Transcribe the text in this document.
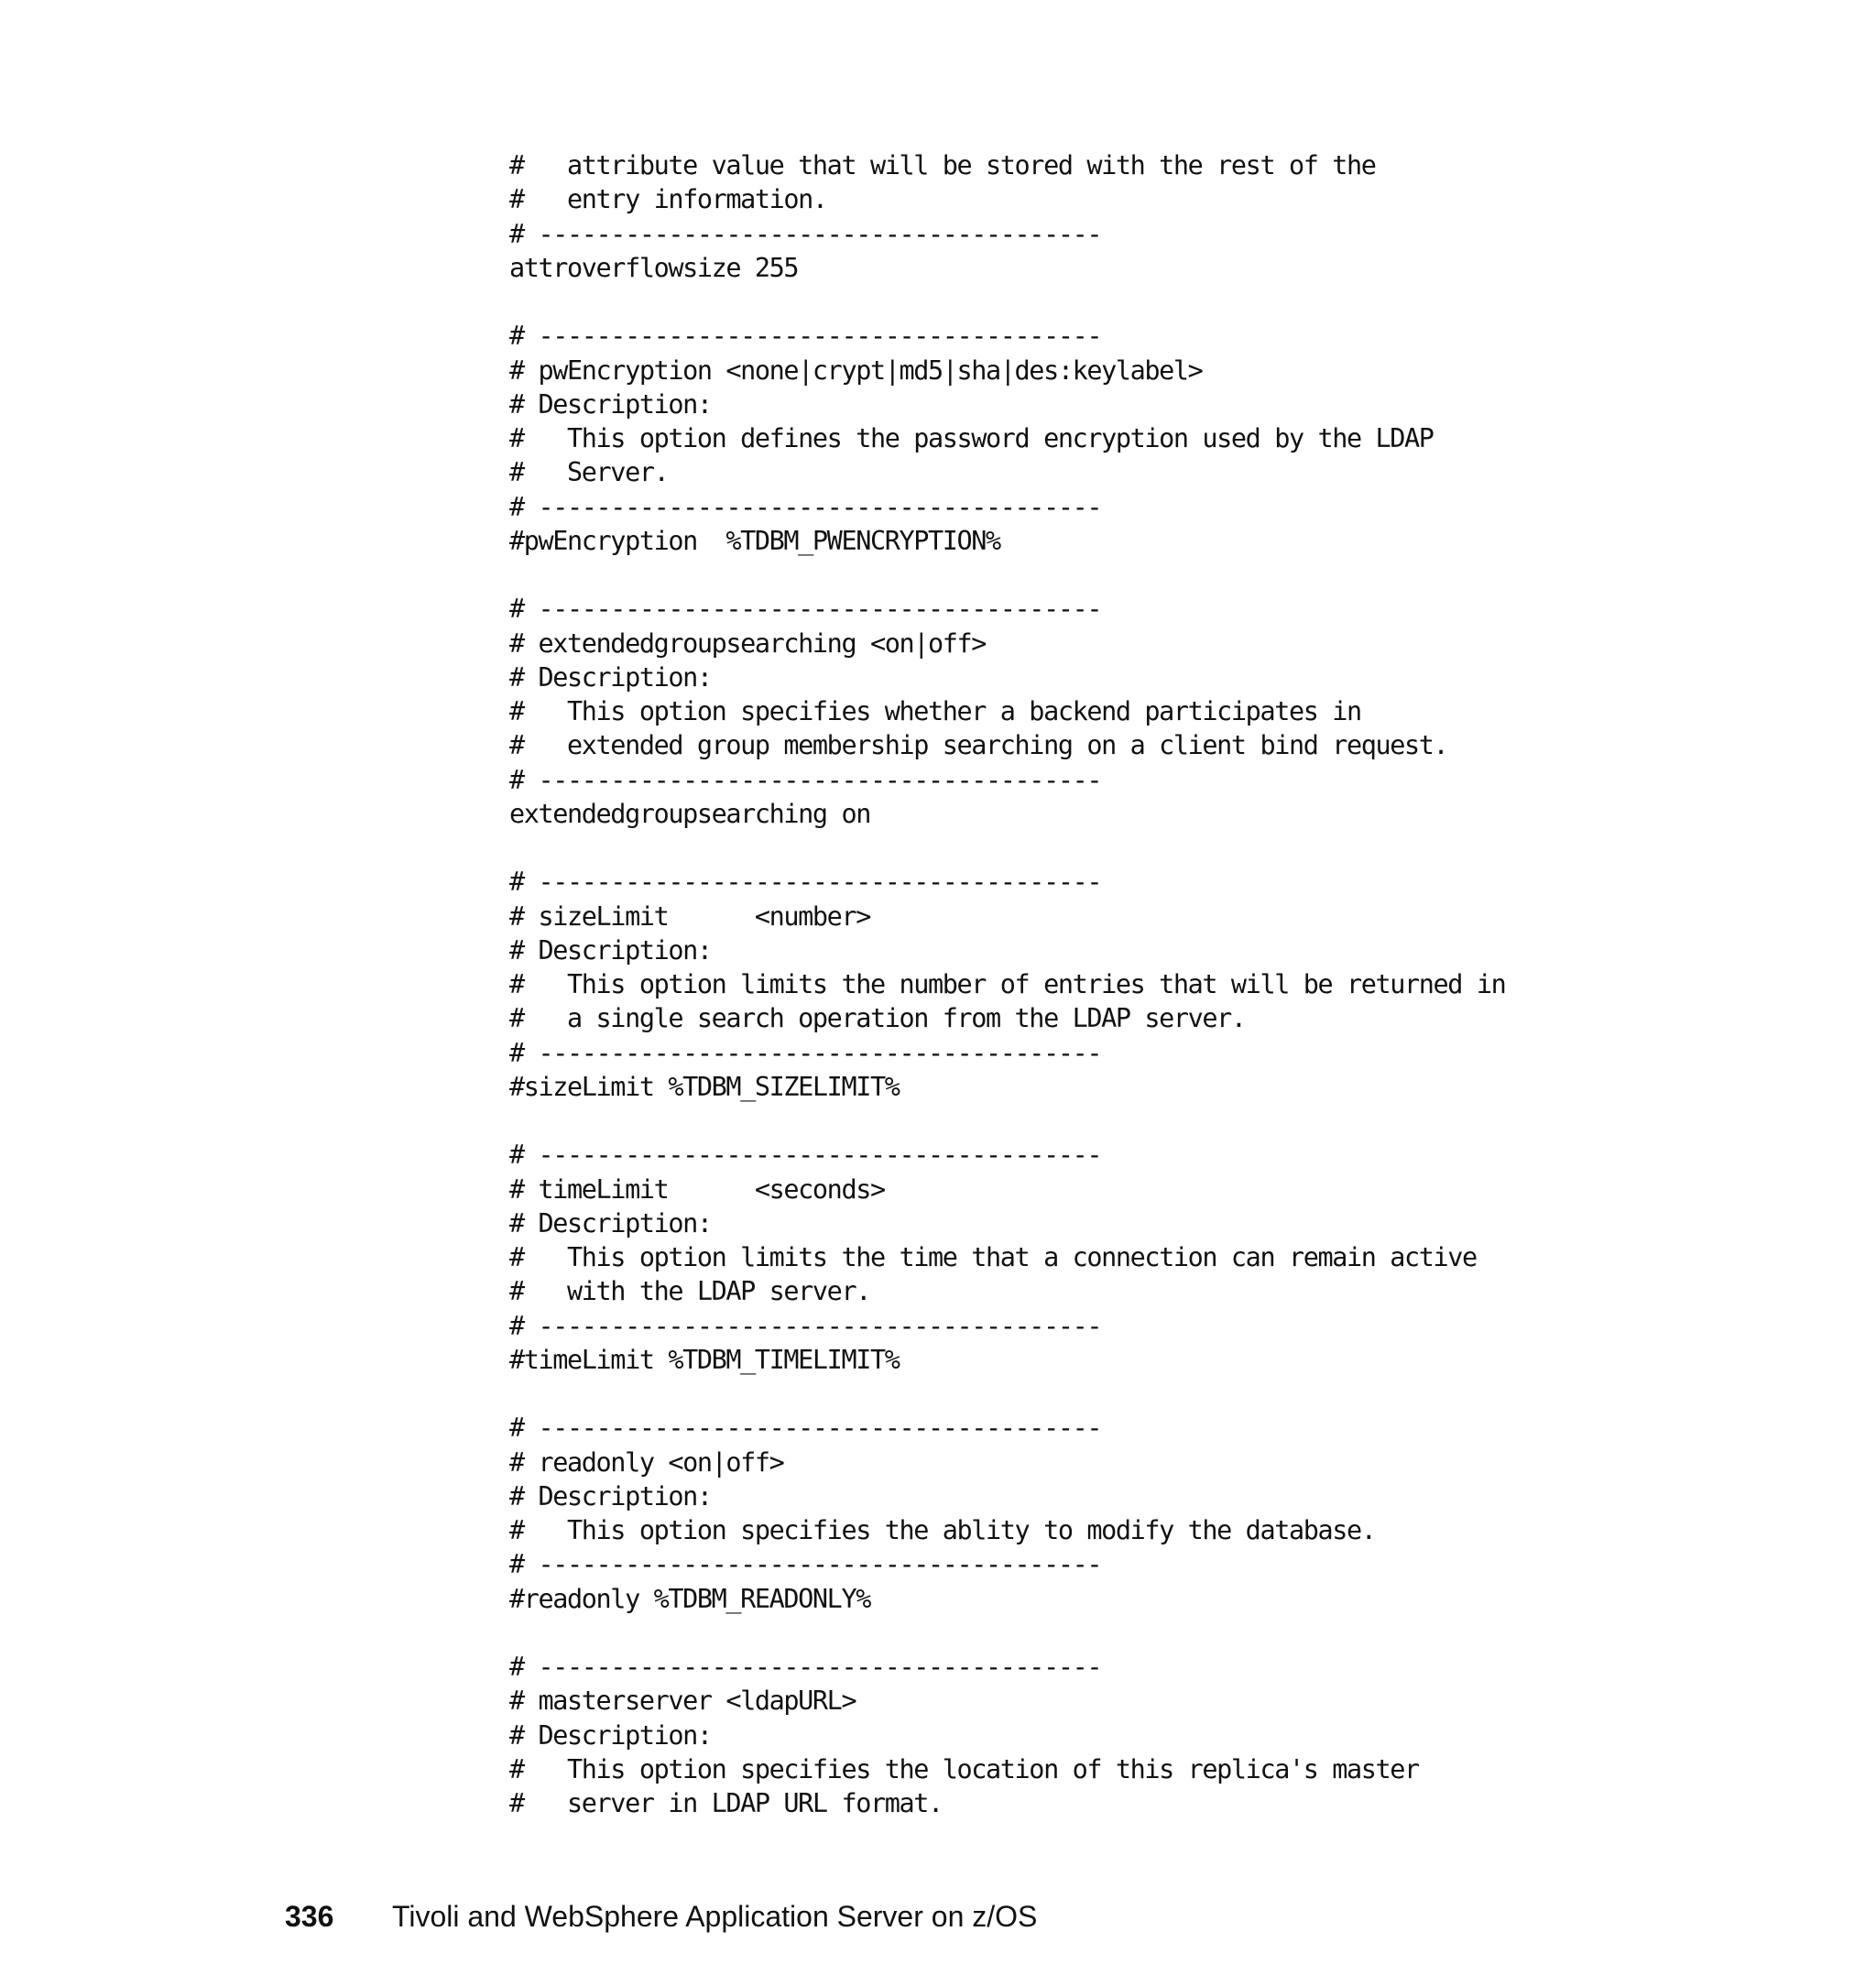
#   attribute value that will be stored with the rest of the
#   entry information.
# ---------------------------------------
attroverflowsize 255
# ---------------------------------------
# pwEncryption <none|crypt|md5|sha|des:keylabel>
# Description:
#   This option defines the password encryption used by the LDAP
#   Server.
# ---------------------------------------
#pwEncryption  %TDBM_PWENCRYPTION%
# ---------------------------------------
# extendedgroupsearching <on|off>
# Description:
#   This option specifies whether a backend participates in
#   extended group membership searching on a client bind request.
# ---------------------------------------
extendedgroupsearching on
# ---------------------------------------
# sizeLimit      <number>
# Description:
#   This option limits the number of entries that will be returned in
#   a single search operation from the LDAP server.
# ---------------------------------------
#sizeLimit %TDBM_SIZELIMIT%
# ---------------------------------------
# timeLimit      <seconds>
# Description:
#   This option limits the time that a connection can remain active
#   with the LDAP server.
# ---------------------------------------
#timeLimit %TDBM_TIMELIMIT%
# ---------------------------------------
# readonly <on|off>
# Description:
#   This option specifies the ablity to modify the database.
# ---------------------------------------
#readonly %TDBM_READONLY%
# ---------------------------------------
# masterserver <ldapURL>
# Description:
#   This option specifies the location of this replica's master
#   server in LDAP URL format.
336 Tivoli and WebSphere Application Server on z/OS
